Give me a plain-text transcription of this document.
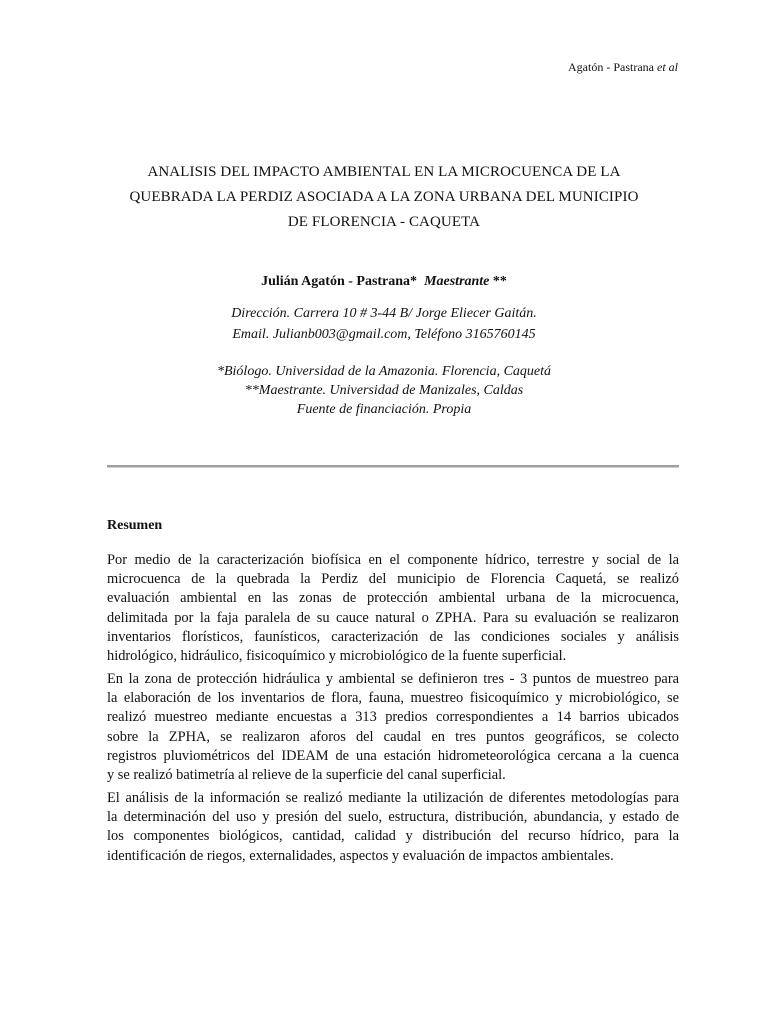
Agatón - Pastrana et al
ANALISIS DEL IMPACTO AMBIENTAL EN LA MICROCUENCA DE LA
QUEBRADA LA PERDIZ ASOCIADA A LA ZONA URBANA DEL MUNICIPIO
DE FLORENCIA - CAQUETA
Julián Agatón - Pastrana* Maestrante **
Dirección. Carrera 10 # 3-44 B/ Jorge Eliecer Gaitán.
Email. Julianb003@gmail.com, Teléfono 3165760145
*Biólogo. Universidad de la Amazonia. Florencia, Caquetá
**Maestrante. Universidad de Manizales, Caldas
Fuente de financiación. Propia
Resumen
Por medio de la caracterización biofísica en el componente hídrico, terrestre y social de la
microcuenca de la quebrada la Perdiz del municipio de Florencia Caquetá, se realizó
evaluación ambiental en las zonas de protección ambiental urbana de la microcuenca,
delimitada por la faja paralela de su cauce natural o ZPHA. Para su evaluación se realizaron
inventarios florísticos, faunísticos, caracterización de las condiciones sociales y análisis
hidrológico, hidráulico, fisicoquímico y microbiológico de la fuente superficial.
En la zona de protección hidráulica y ambiental se definieron tres - 3 puntos de muestreo para
la elaboración de los inventarios de flora, fauna, muestreo fisicoquímico y microbiológico, se
realizó muestreo mediante encuestas a 313 predios correspondientes a 14 barrios ubicados
sobre la ZPHA, se realizaron aforos del caudal en tres puntos geográficos, se colecto
registros pluviométricos del IDEAM de una estación hidrometeorológica cercana a la cuenca
y se realizó batimetría al relieve de la superficie del canal superficial.
El análisis de la información se realizó mediante la utilización de diferentes metodologías para
la determinación del uso y presión del suelo, estructura, distribución, abundancia, y estado de
los componentes biológicos, cantidad, calidad y distribución del recurso hídrico, para la
identificación de riegos, externalidades, aspectos y evaluación de impactos ambientales.
